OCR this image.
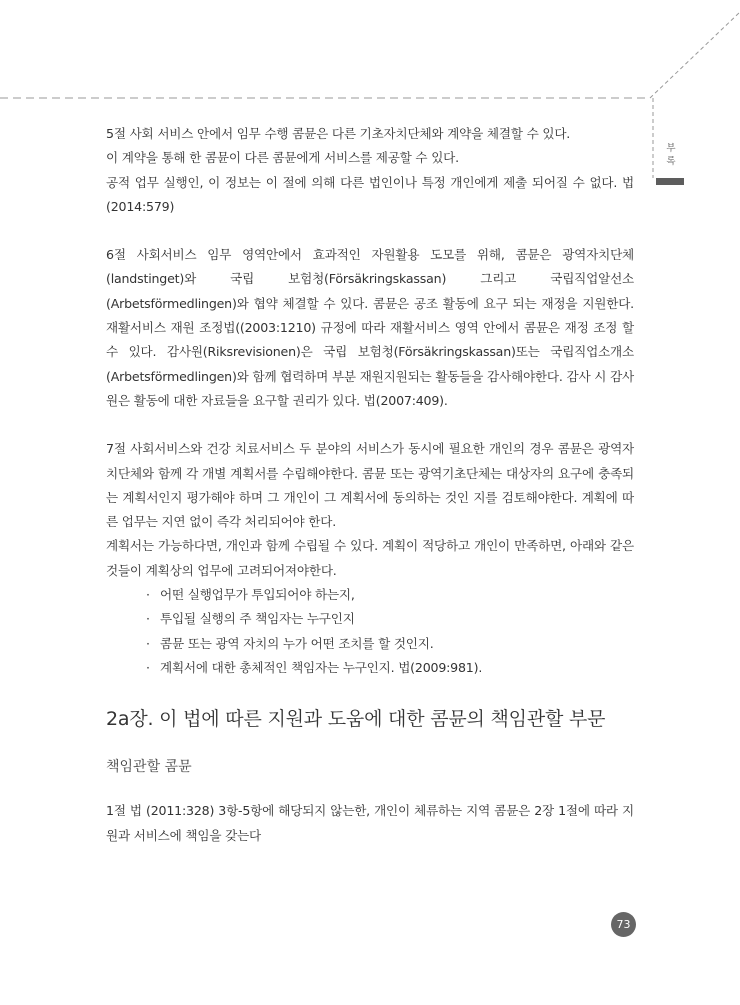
부
록

5절 사회 서비스 안에서 임무 수행 콤뮨은 다른 기초자치단체와 계약을 체결할 수 있다.

이 계약을 통해 한 콤뮨이 다른 콤뮨에게 서비스를 제공할 수 있다.

공적 업무 실행인, 이 정보는 이 절에 의해 다른 법인이나 특정 개인에게 제출 되어질 수 없다. 법(2014:579)

6절 사회서비스 임무 영역안에서 효과적인 자원활용 도모를 위해, 콤뮨은 광역자치단체(landstinget)와 국립 보험청(Försäkringskassan) 그리고 국립직업알선소(Arbetsförmedlingen)와 협약 체결할 수 있다. 콤뮨은 공조 활동에 요구 되는 재정을 지원한다. 재활서비스 재원 조정법((2003:1210) 규정에 따라 재활서비스 영역 안에서 콤뮨은 재정 조정 할수 있다. 감사원(Riksrevisionen)은 국립 보험청(Försäkringskassan)또는 국립직업소개소(Arbetsförmedlingen)와 함께 협력하며 부분 재원지원되는 활동들을 감사해야한다. 감사 시 감사원은 활동에 대한 자료들을 요구할 권리가 있다. 법(2007:409).

7절 사회서비스와 건강 치료서비스 두 분야의 서비스가 동시에 필요한 개인의 경우 콤뮨은 광역자치단체와 함께 각 개별 계획서를 수립해야한다. 콤뮨 또는 광역기초단체는 대상자의 요구에 충족되는 계획서인지 평가해야 하며 그 개인이 그 계획서에 동의하는 것인 지를 검토해야한다. 계획에 따른 업무는 지연 없이 즉각 처리되어야 한다.

계획서는 가능하다면, 개인과 함께 수립될 수 있다. 계획이 적당하고 개인이 만족하면, 아래와 같은 것들이 계획상의 업무에 고려되어져야한다.

· 어떤 실행업무가 투입되어야 하는지,
· 투입될 실행의 주 책임자는 누구인지
· 콤뮨 또는 광역 자치의 누가 어떤 조치를 할 것인지.
· 계획서에 대한 총체적인 책임자는 누구인지. 법(2009:981).
2a장. 이 법에 따른 지원과 도움에 대한 콤뮨의 책임관할 부문
책임관할 콤뮨

1절 법 (2011:328) 3항-5항에 해당되지 않는한, 개인이 체류하는 지역 콤뮨은 2장 1절에 따라 지원과 서비스에 책임을 갖는다

73
